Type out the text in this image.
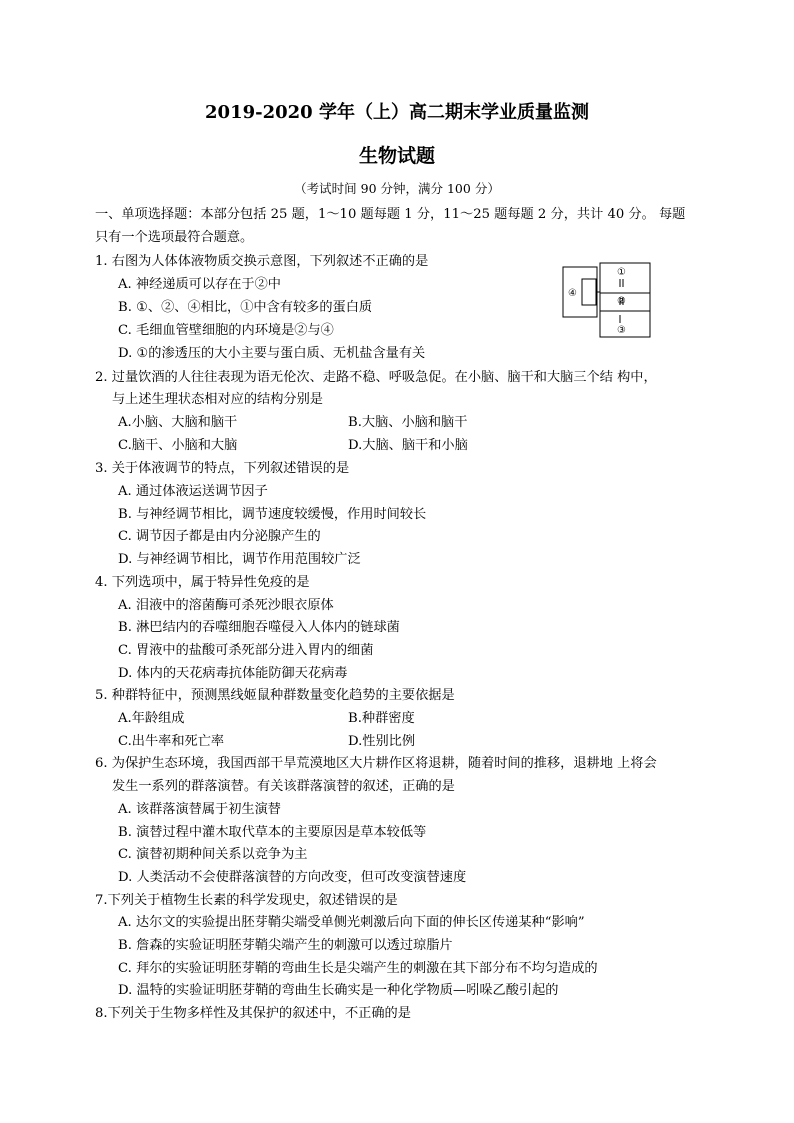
2019-2020 学年（上）高二期末学业质量监测
生物试题
（考试时间 90 分钟，满分 100 分）
一、单项选择题：本部分包括 25 题，1～10 题每题 1 分，11～25 题每题 2 分，共计 40 分。 每题
只有一个选项最符合题意。
1. 右图为人体体液物质交换示意图，下列叙述不正确的是
A. 神经递质可以存在于②中
B. ①、②、④相比，①中含有较多的蛋白质
C. 毛细血管壁细胞的内环境是②与④
D. ①的渗透压的大小主要与蛋白质、无机盐含量有关
①
②
③
④
2. 过量饮酒的人往往表现为语无伦次、走路不稳、呼吸急促。在小脑、脑干和大脑三个结 构中，
与上述生理状态相对应的结构分别是
A.小脑、大脑和脑干	B.大脑、小脑和脑干
C.脑干、小脑和大脑	D.大脑、脑干和小脑
3. 关于体液调节的特点，下列叙述错误的是
A. 通过体液运送调节因子
B. 与神经调节相比，调节速度较缓慢，作用时间较长
C. 调节因子都是由内分泌腺产生的
D. 与神经调节相比，调节作用范围较广泛
4. 下列选项中，属于特异性免疫的是
A. 泪液中的溶菌酶可杀死沙眼衣原体
B. 淋巴结内的吞噬细胞吞噬侵入人体内的链球菌
C. 胃液中的盐酸可杀死部分进入胃内的细菌
D. 体内的天花病毒抗体能防御天花病毒
5. 种群特征中，预测黑线姬鼠种群数量变化趋势的主要依据是
A.年龄组成	B.种群密度
C.出牛率和死亡率	D.性别比例
6. 为保护生态环境，我国西部干旱荒漠地区大片耕作区将退耕，随着时间的推移，退耕地 上将会
发生一系列的群落演替。有关该群落演替的叙述，正确的是
A. 该群落演替属于初生演替
B. 演替过程中灌木取代草本的主要原因是草本较低等
C. 演替初期种间关系以竞争为主
D. 人类活动不会使群落演替的方向改变，但可改变演替速度
7.下列关于植物生长素的科学发现史，叙述错误的是
A. 达尔文的实验提出胚芽鞘尖端受单侧光刺激后向下面的伸长区传递某种“影响”
B. 詹森的实验证明胚芽鞘尖端产生的刺激可以透过琼脂片
C. 拜尔的实验证明胚芽鞘的弯曲生长是尖端产生的刺激在其下部分布不均匀造成的
D. 温特的实验证明胚芽鞘的弯曲生长确实是一种化学物质—吲哚乙酸引起的
8.下列关于生物多样性及其保护的叙述中，不正确的是
